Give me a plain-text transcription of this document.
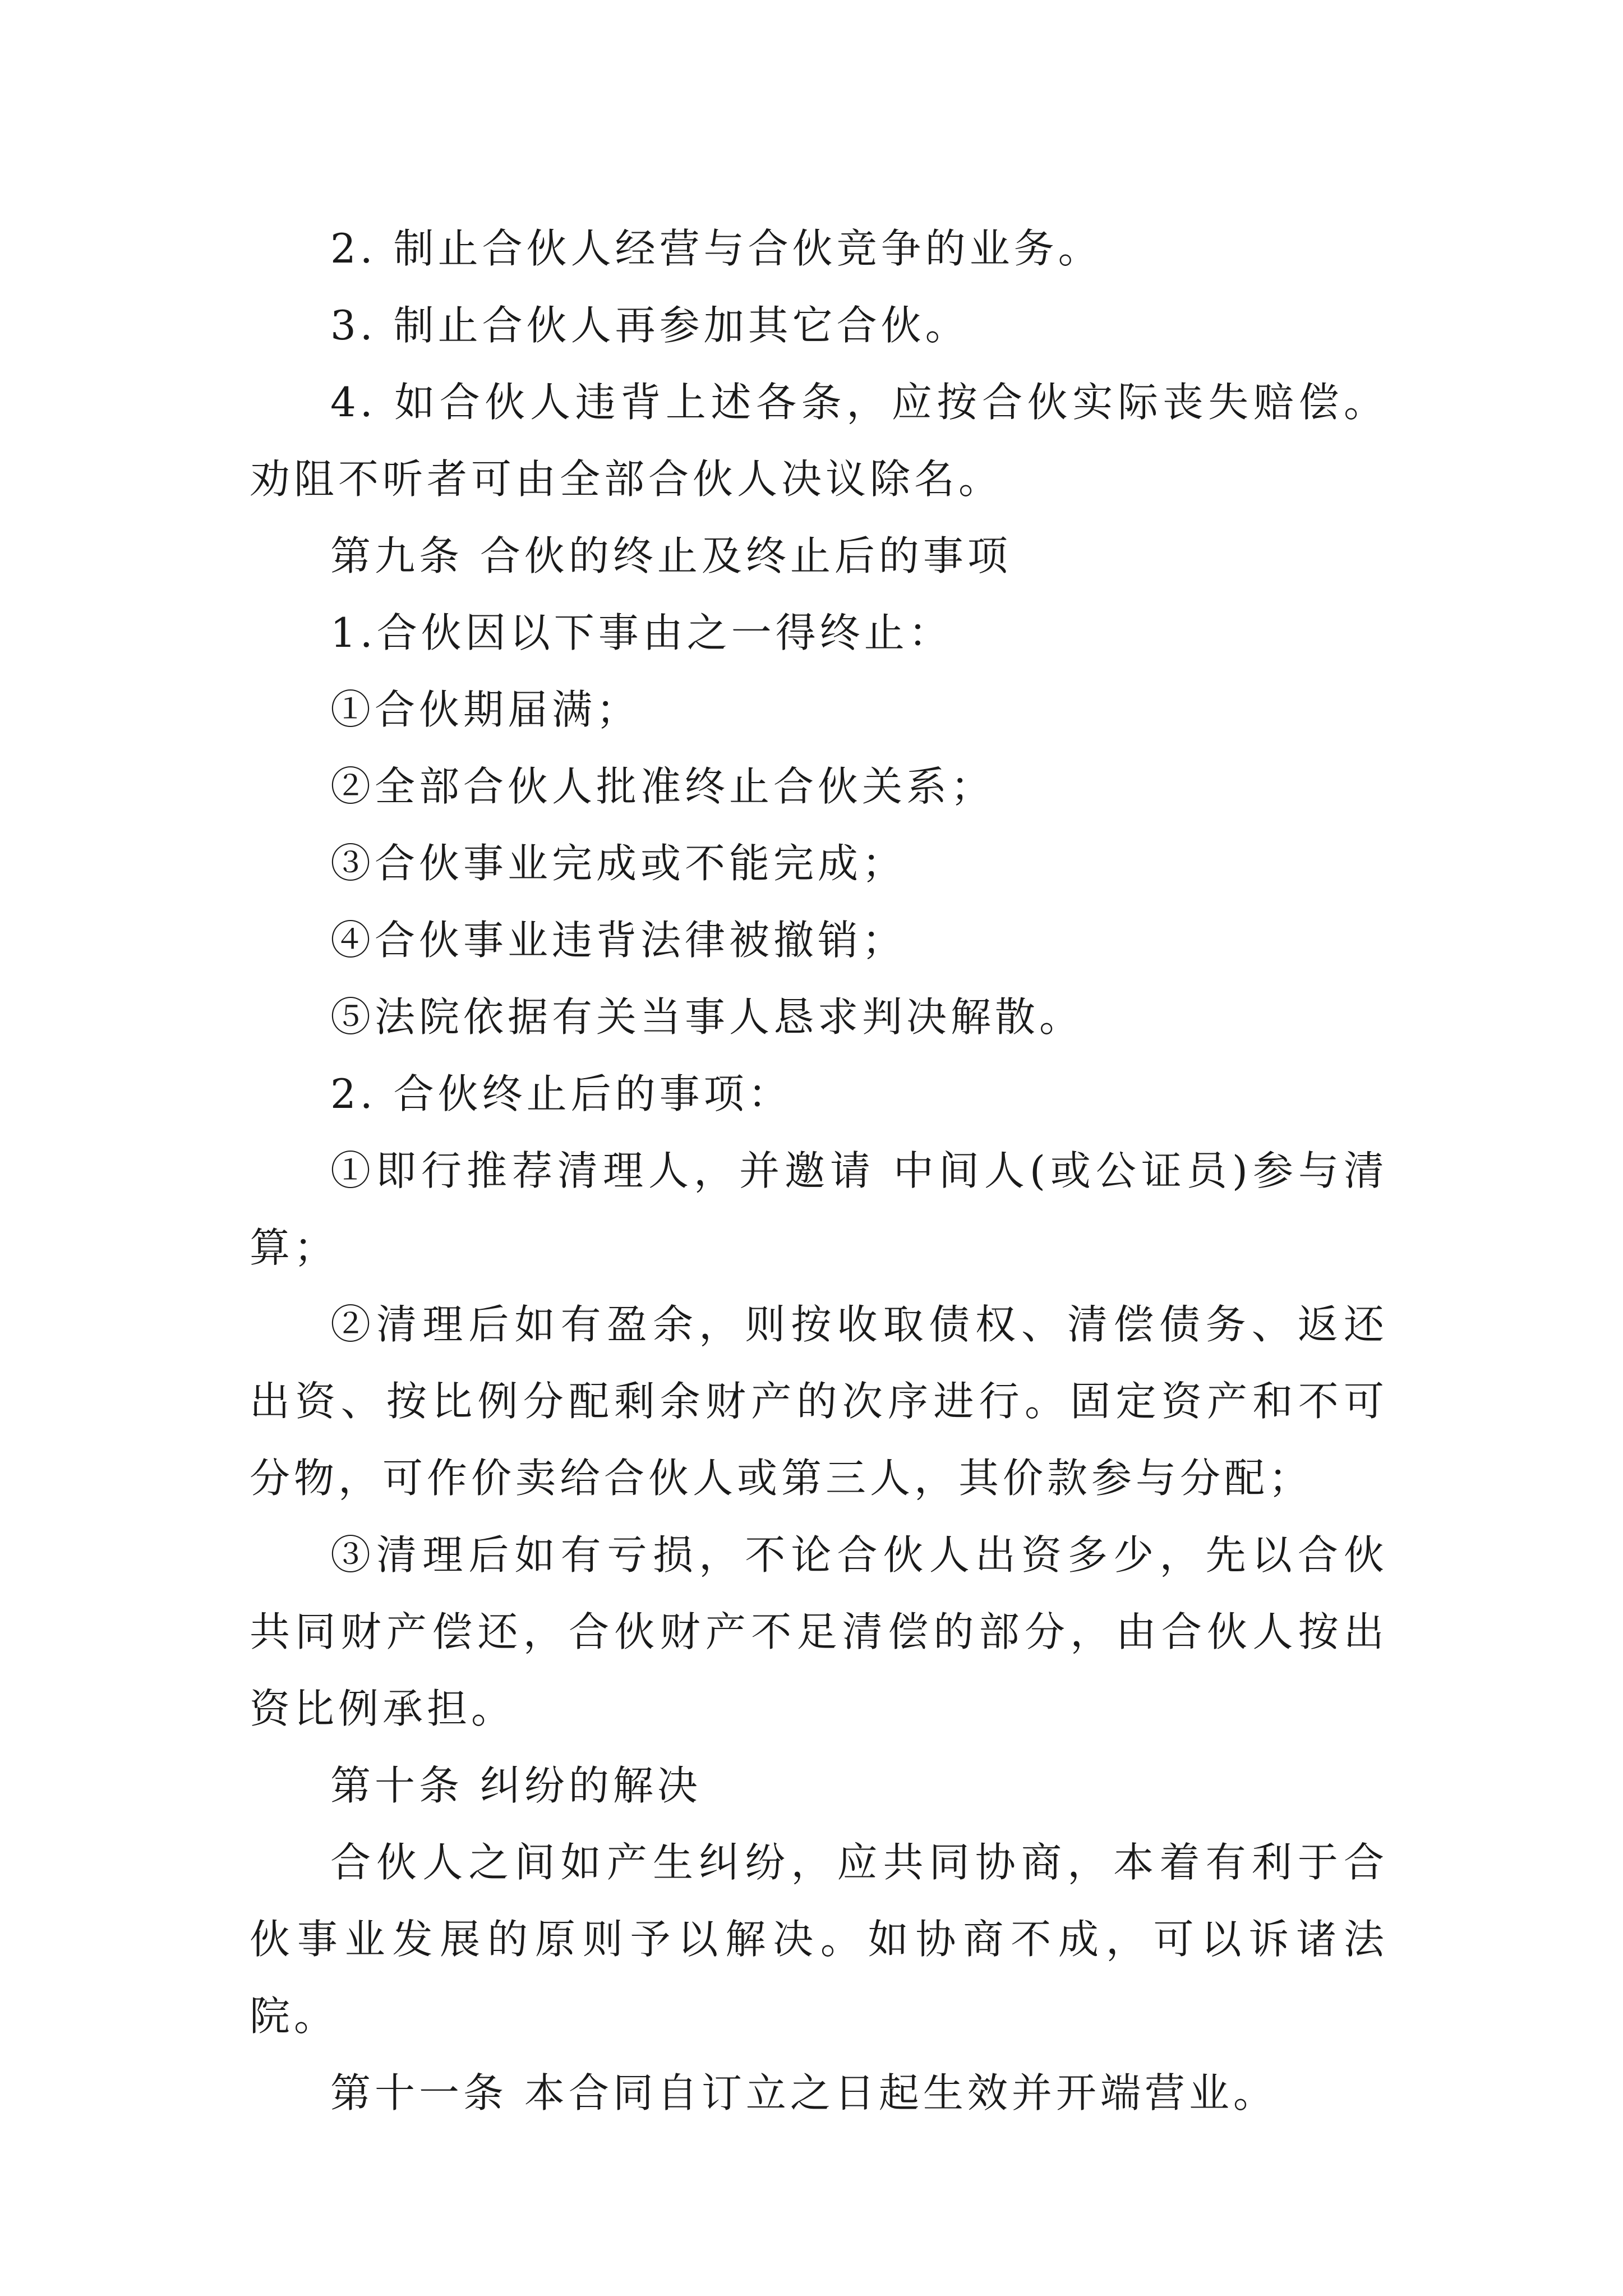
2. 制止合伙人经营与合伙竞争的业务。

3. 制止合伙人再参加其它合伙。

4. 如合伙人违背上述各条，应按合伙实际丧失赔偿。劝阻不听者可由全部合伙人决议除名。

第九条 合伙的终止及终止后的事项

1.合伙因以下事由之一得终止：

①合伙期届满；

②全部合伙人批准终止合伙关系；

③合伙事业完成或不能完成；

④合伙事业违背法律被撤销；

⑤法院依据有关当事人恳求判决解散。

2. 合伙终止后的事项：

①即行推荐清理人，并邀请 中间人(或公证员)参与清算；

②清理后如有盈余，则按收取债权、清偿债务、返还出资、按比例分配剩余财产的次序进行。固定资产和不可分物，可作价卖给合伙人或第三人，其价款参与分配；

③清理后如有亏损，不论合伙人出资多少，先以合伙共同财产偿还，合伙财产不足清偿的部分，由合伙人按出资比例承担。

第十条 纠纷的解决

合伙人之间如产生纠纷，应共同协商，本着有利于合伙事业发展的原则予以解决。如协商不成，可以诉诸法院。

第十一条 本合同自订立之日起生效并开端营业。
